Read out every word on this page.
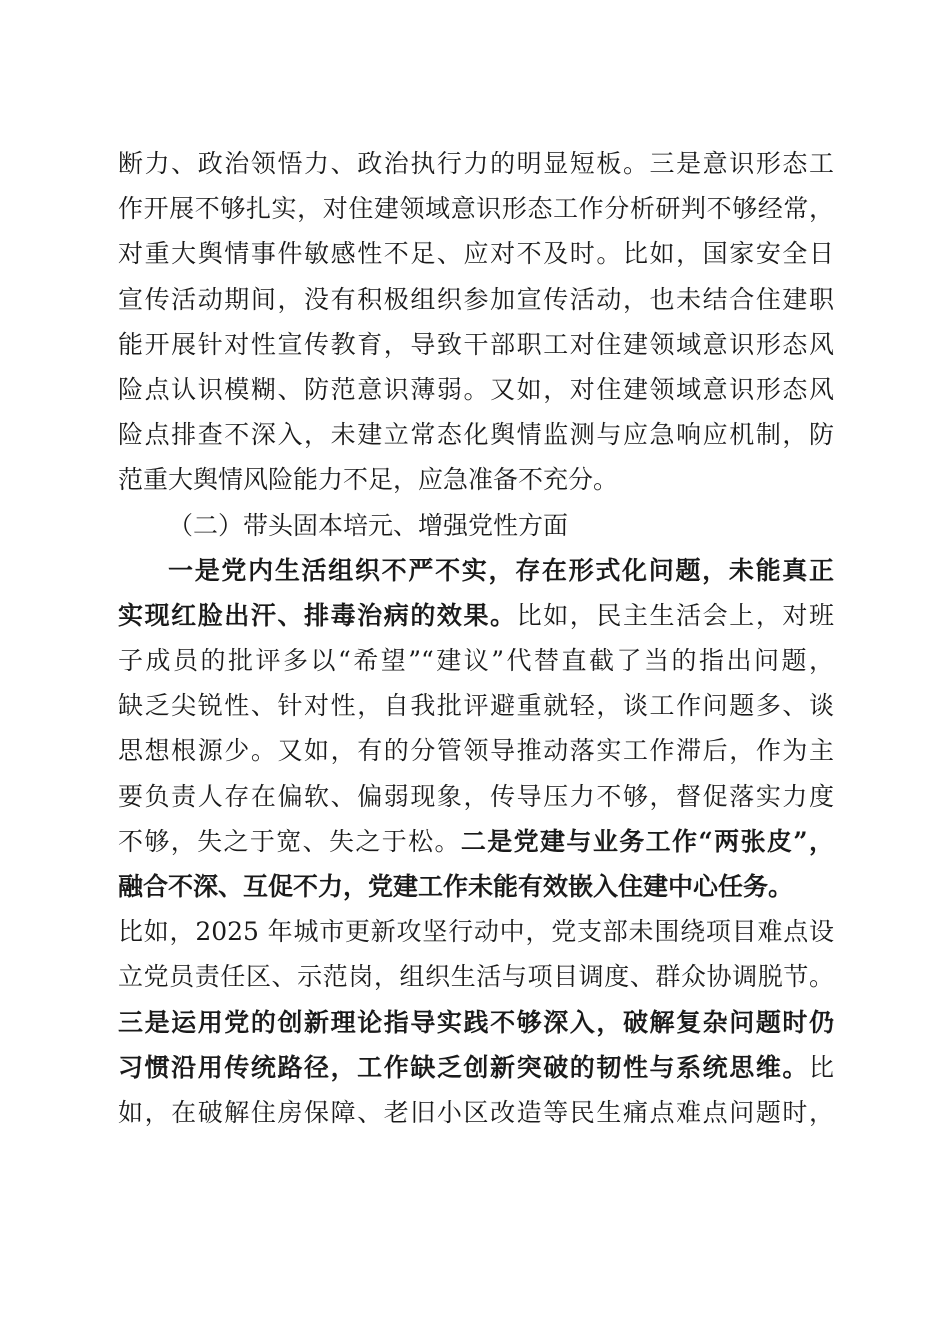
断力、政治领悟力、政治执行力的明显短板。三是意识形态工
作开展不够扎实，对住建领域意识形态工作分析研判不够经常，
对重大舆情事件敏感性不足、应对不及时。比如，国家安全日
宣传活动期间，没有积极组织参加宣传活动，也未结合住建职
能开展针对性宣传教育，导致干部职工对住建领域意识形态风
险点认识模糊、防范意识薄弱。又如，对住建领域意识形态风
险点排查不深入，未建立常态化舆情监测与应急响应机制，防
范重大舆情风险能力不足，应急准备不充分。
（二）带头固本培元、增强党性方面
一是党内生活组织不严不实，存在形式化问题，未能真正
实现红脸出汗、排毒治病的效果。比如，民主生活会上，对班
子成员的批评多以“希望”“建议”代替直截了当的指出问题，
缺乏尖锐性、针对性，自我批评避重就轻，谈工作问题多、谈
思想根源少。又如，有的分管领导推动落实工作滞后，作为主
要负责人存在偏软、偏弱现象，传导压力不够，督促落实力度
不够，失之于宽、失之于松。二是党建与业务工作“两张皮”，
融合不深、互促不力，党建工作未能有效嵌入住建中心任务。
比如，2025 年城市更新攻坚行动中，党支部未围绕项目难点设
立党员责任区、示范岗，组织生活与项目调度、群众协调脱节。
三是运用党的创新理论指导实践不够深入，破解复杂问题时仍
习惯沿用传统路径，工作缺乏创新突破的韧性与系统思维。比
如，在破解住房保障、老旧小区改造等民生痛点难点问题时，
